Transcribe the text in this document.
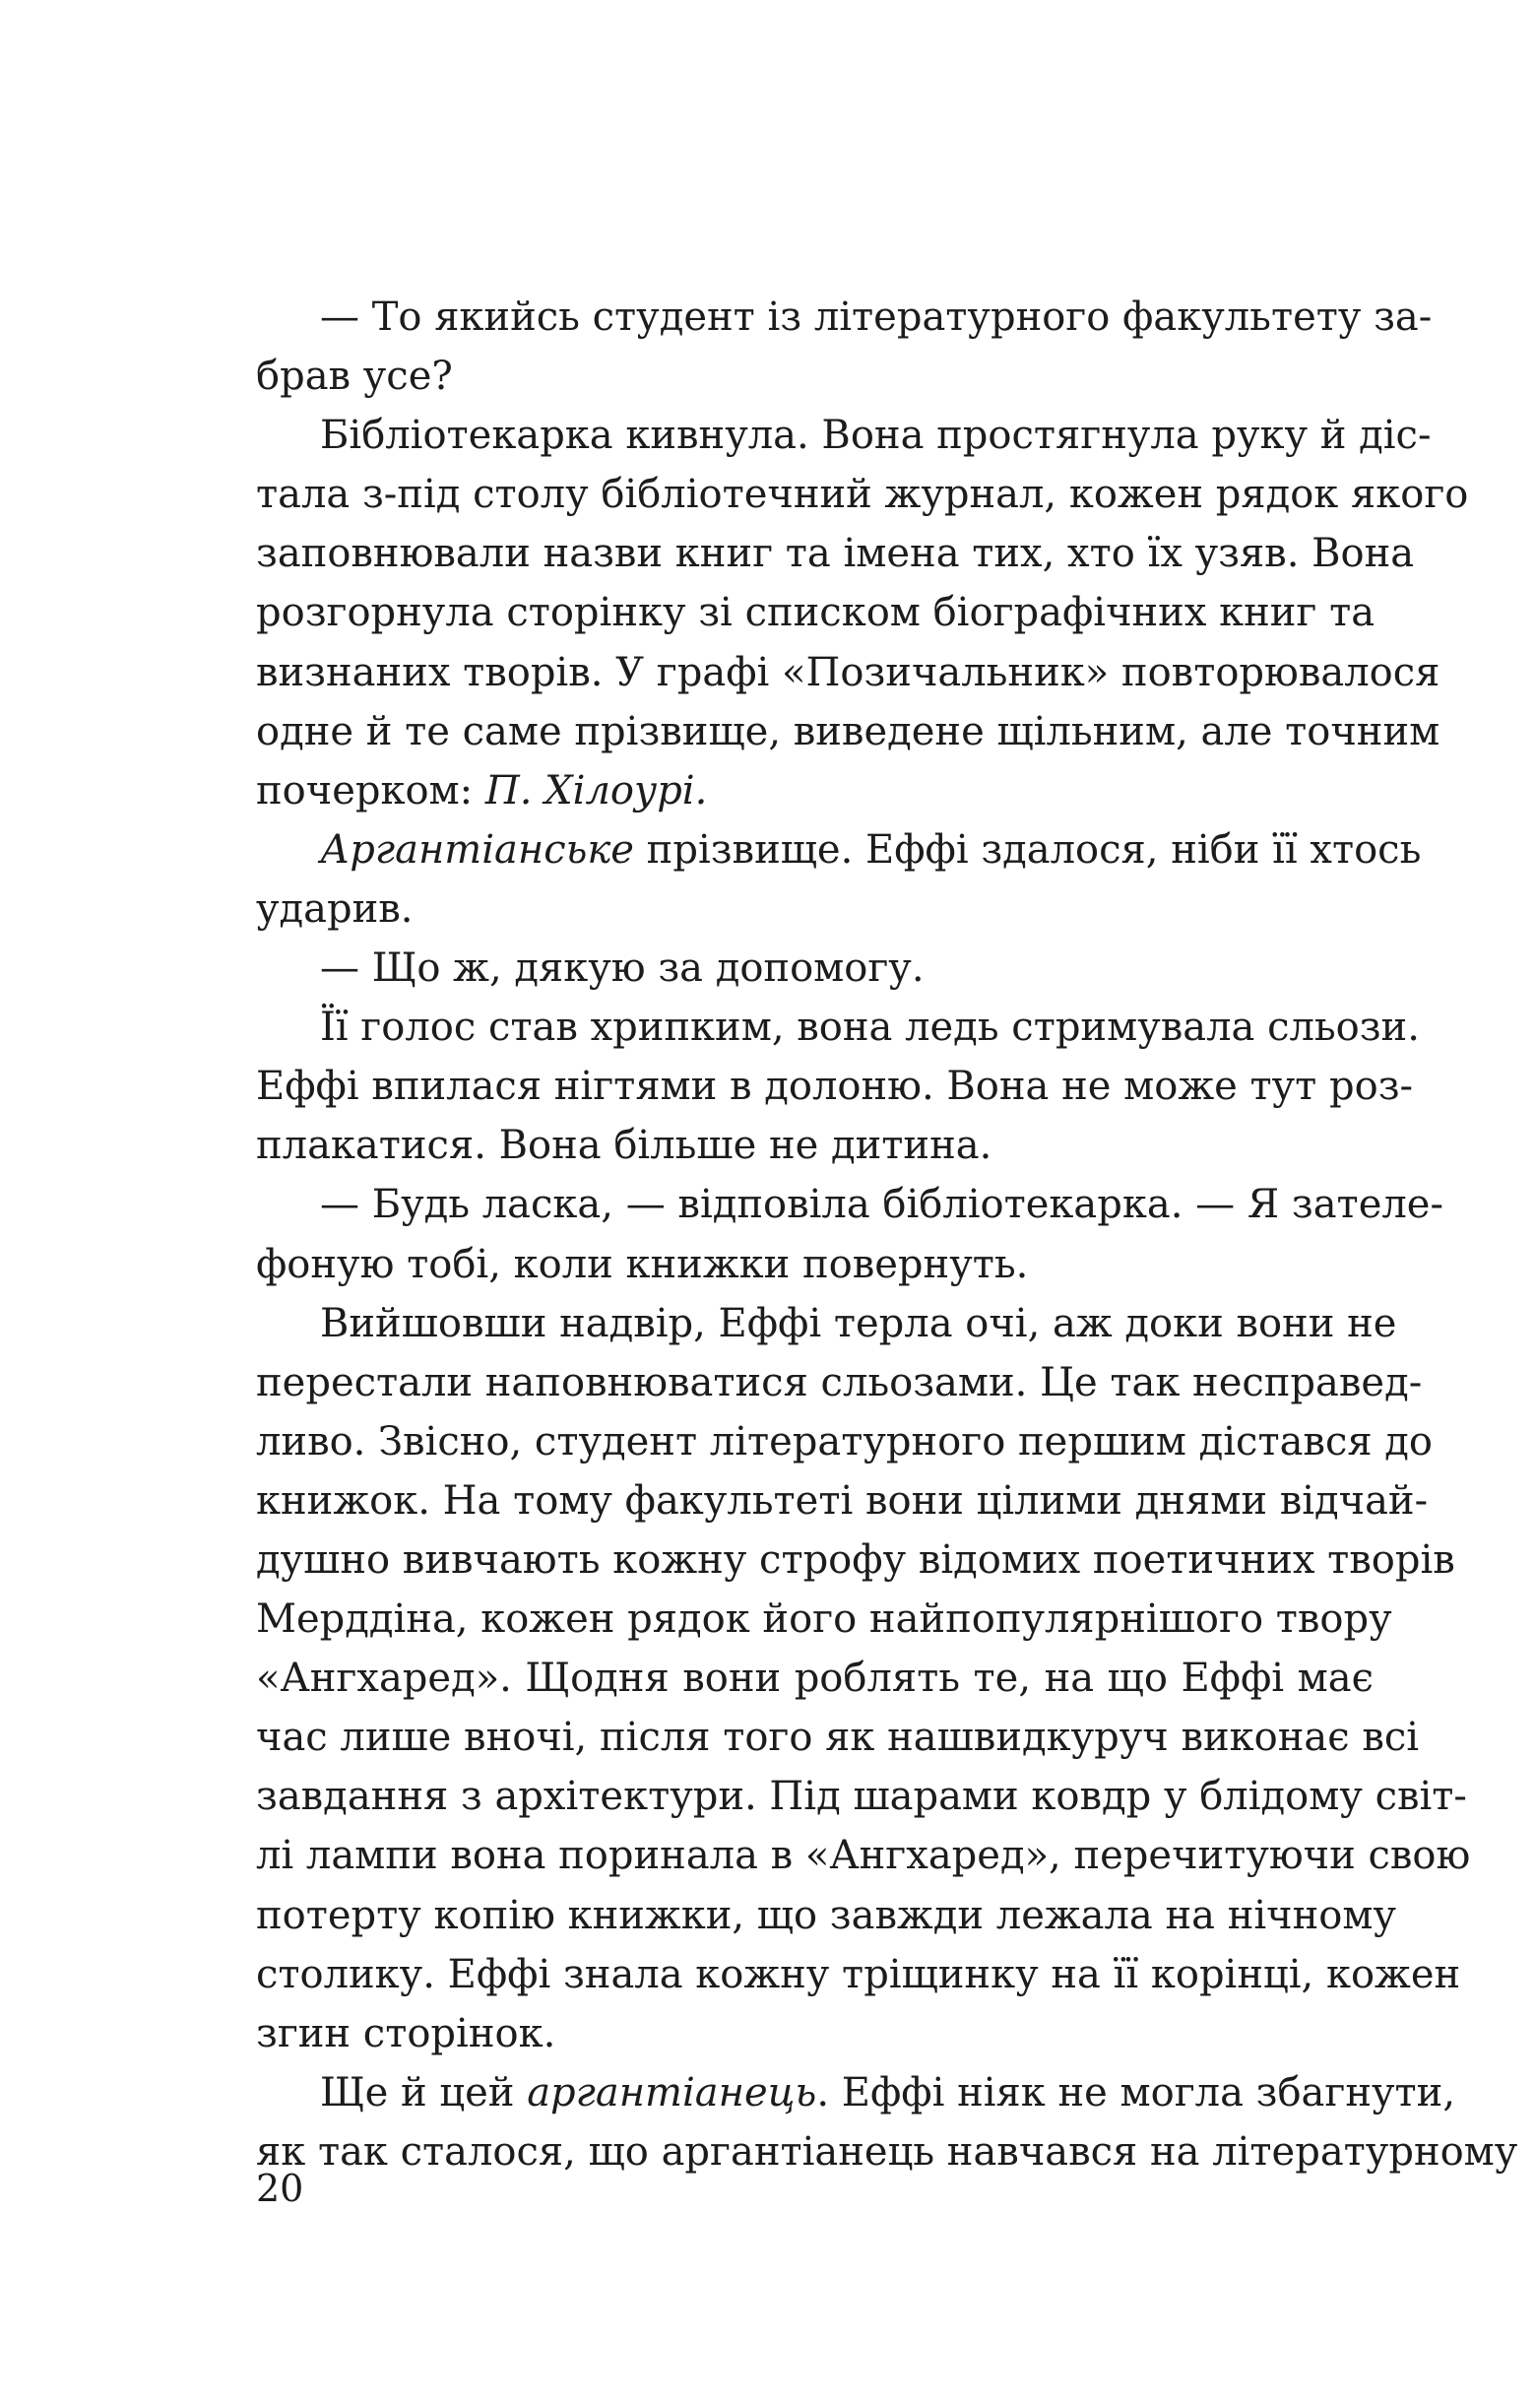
— То якийсь студент із літературного факультету за-
брав усе?
Бібліотекарка кивнула. Вона простягнула руку й дiс-
тала з-під столу бібліотечний журнал, кожен рядок якого
заповнювали назви книг та імена тих, хто їх узяв. Вона
розгорнула сторінку зі списком біографічних книг та
визнаних творів. У графі «Позичальник» повторювалося
одне й те саме прізвище, виведене щільним, але точним
почерком: П. Хілоурі.
Аргантіанське прізвище. Еффі здалося, ніби її хтось
ударив.
— Що ж, дякую за допомогу.
Її голос став хрипким, вона ледь стримувала сльози.
Еффі впилася нігтями в долоню. Вона не може тут роз-
плакатися. Вона більше не дитина.
— Будь ласка, — відповіла бібліотекарка. — Я зателе-
фоную тобі, коли книжки повернуть.
Вийшовши надвір, Еффі терла очі, аж доки вони не
перестали наповнюватися сльозами. Це так несправед-
ливо. Звісно, студент літературного першим дістався до
книжок. На тому факультеті вони цілими днями відчай-
душно вивчають кожну строфу відомих поетичних творів
Мерддіна, кожен рядок його найпопулярнішого твору
«Ангхаред». Щодня вони роблять те, на що Еффі має
час лише вночі, після того як нашвидкуруч виконає всі
завдання з архітектури. Під шарами ковдр у блідому світ-
лі лампи вона поринала в «Ангхаред», перечитуючи свою
потерту копію книжки, що завжди лежала на нічному
столику. Еффі знала кожну тріщинку на її корінці, кожен
згин сторінок.
Ще й цей аргантіанець. Еффі ніяк не могла збагнути,
як так сталося, що аргантіанець навчався на літературному
20
